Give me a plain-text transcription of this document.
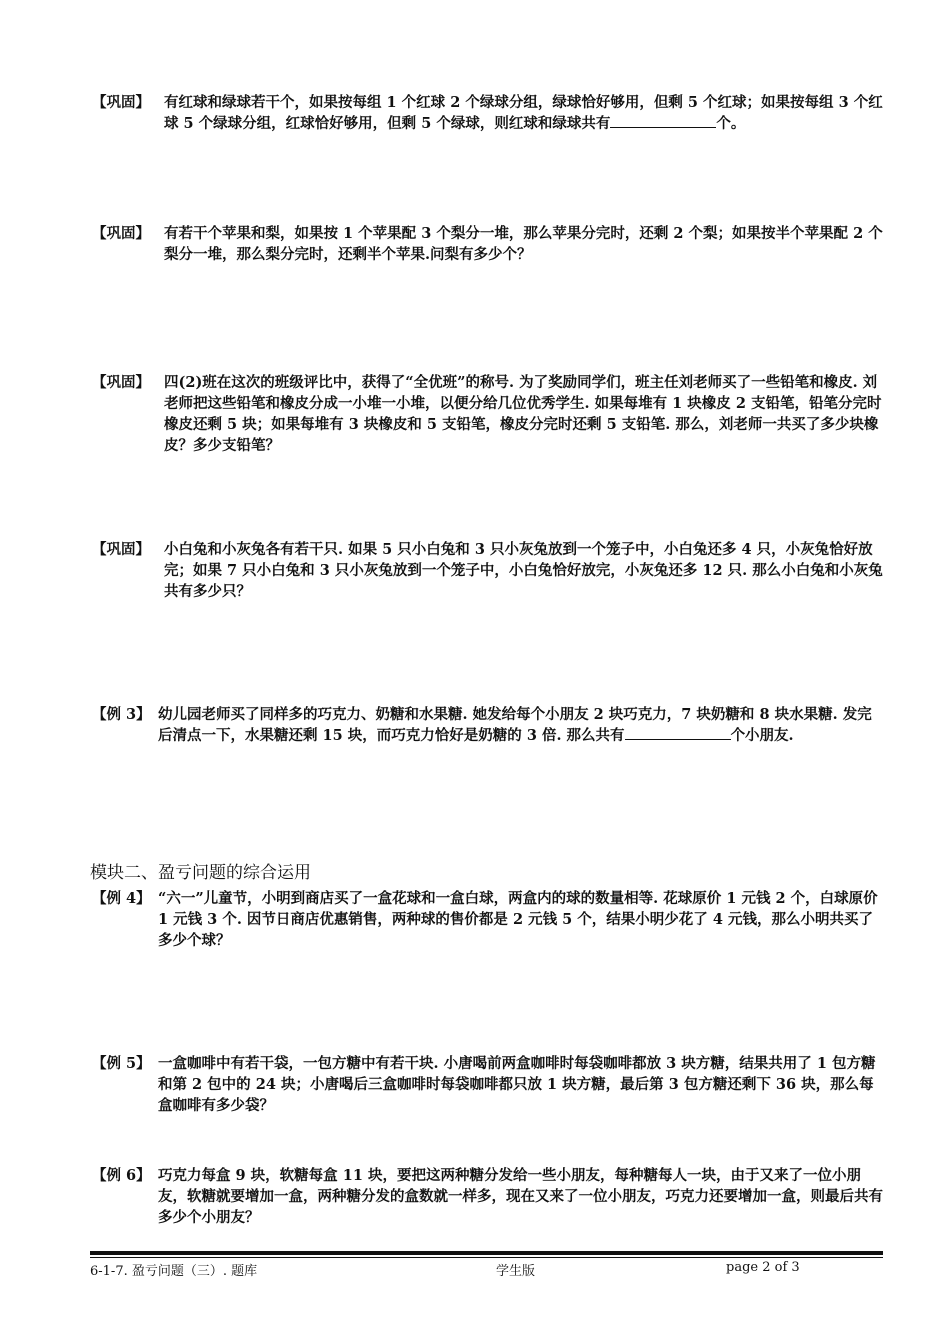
【巩固】 有红球和绿球若干个，如果按每组 1 个红球 2 个绿球分组，绿球恰好够用，但剩 5 个红球；如果按每组 3 个红球 5 个绿球分组，红球恰好够用，但剩 5 个绿球，则红球和绿球共有	个。
【巩固】 有若干个苹果和梨，如果按 1 个苹果配 3 个梨分一堆，那么苹果分完时，还剩 2 个梨；如果按半个苹果配 2 个梨分一堆，那么梨分完时，还剩半个苹果.问梨有多少个？
【巩固】 四(2)班在这次的班级评比中，获得了“全优班”的称号. 为了奖励同学们，班主任刘老师买了一些铅笔和橡皮. 刘老师把这些铅笔和橡皮分成一小堆一小堆，以便分给几位优秀学生. 如果每堆有 1 块橡皮 2 支铅笔，铅笔分完时橡皮还剩 5 块；如果每堆有 3 块橡皮和 5 支铅笔，橡皮分完时还剩 5 支铅笔. 那么，刘老师一共买了多少块橡皮？多少支铅笔？
【巩固】 小白兔和小灰兔各有若干只. 如果 5 只小白兔和 3 只小灰兔放到一个笼子中，小白兔还多 4 只，小灰兔恰好放完；如果 7 只小白兔和 3 只小灰兔放到一个笼子中，小白兔恰好放完，小灰兔还多 12 只. 那么小白兔和小灰兔共有多少只？
【例 3】 幼儿园老师买了同样多的巧克力、奶糖和水果糖. 她发给每个小朋友 2 块巧克力，7 块奶糖和 8 块水果糖. 发完后清点一下，水果糖还剩 15 块，而巧克力恰好是奶糖的 3 倍. 那么共有	个小朋友.
模块二、盈亏问题的综合运用
【例 4】 “六一”儿童节，小明到商店买了一盒花球和一盒白球，两盒内的球的数量相等. 花球原价 1 元钱 2 个，白球原价 1 元钱 3 个. 因节日商店优惠销售，两种球的售价都是 2 元钱 5 个，结果小明少花了 4 元钱，那么小明共买了多少个球？
【例 5】 一盒咖啡中有若干袋，一包方糖中有若干块. 小唐喝前两盒咖啡时每袋咖啡都放 3 块方糖，结果共用了 1 包方糖和第 2 包中的 24 块；小唐喝后三盒咖啡时每袋咖啡都只放 1 块方糖，最后第 3 包方糖还剩下 36 块，那么每盒咖啡有多少袋？
【例 6】 巧克力每盒 9 块，软糖每盒 11 块，要把这两种糖分发给一些小朋友，每种糖每人一块，由于又来了一位小朋友，软糖就要增加一盒，两种糖分发的盒数就一样多，现在又来了一位小朋友，巧克力还要增加一盒，则最后共有多少个小朋友？
6-1-7. 盈亏问题（三）. 题库	学生版	page 2 of 3
